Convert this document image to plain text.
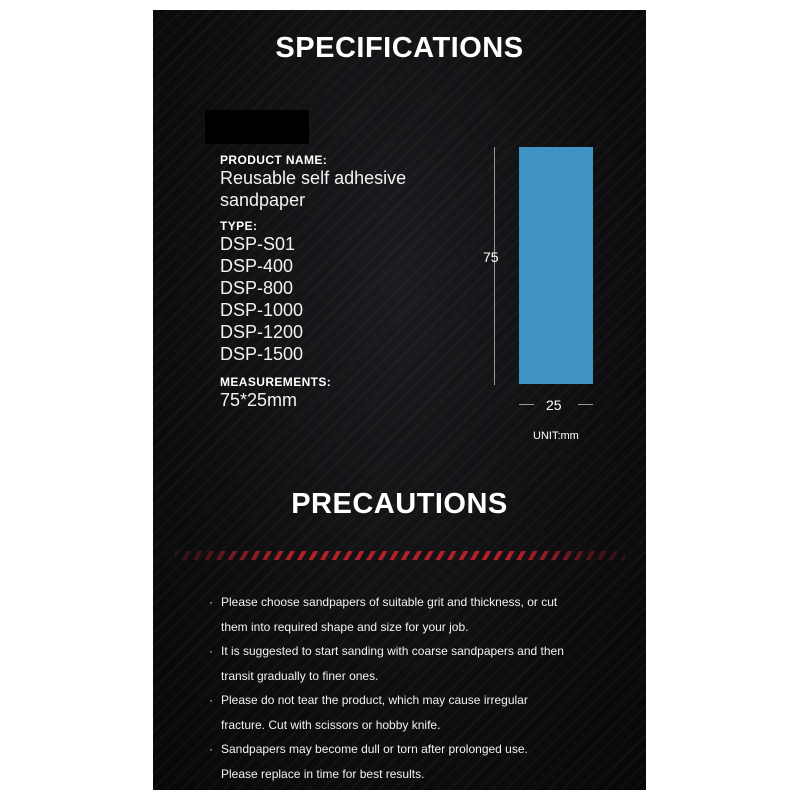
SPECIFICATIONS
PRODUCT NAME:
Reusable self adhesive
sandpaper
TYPE:
DSP-S01
DSP-400
DSP-800
DSP-1000
DSP-1200
DSP-1500
MEASUREMENTS:
75*25mm
75
25
UNIT:mm
PRECAUTIONS
· Please choose sandpapers of suitable grit and thickness, or cut
them into required shape and size for your job.
· It is suggested to start sanding with coarse sandpapers and then
transit gradually to finer ones.
· Please do not tear the product, which may cause irregular
fracture. Cut with scissors or hobby knife.
· Sandpapers may become dull or torn after prolonged use.
Please replace in time for best results.
